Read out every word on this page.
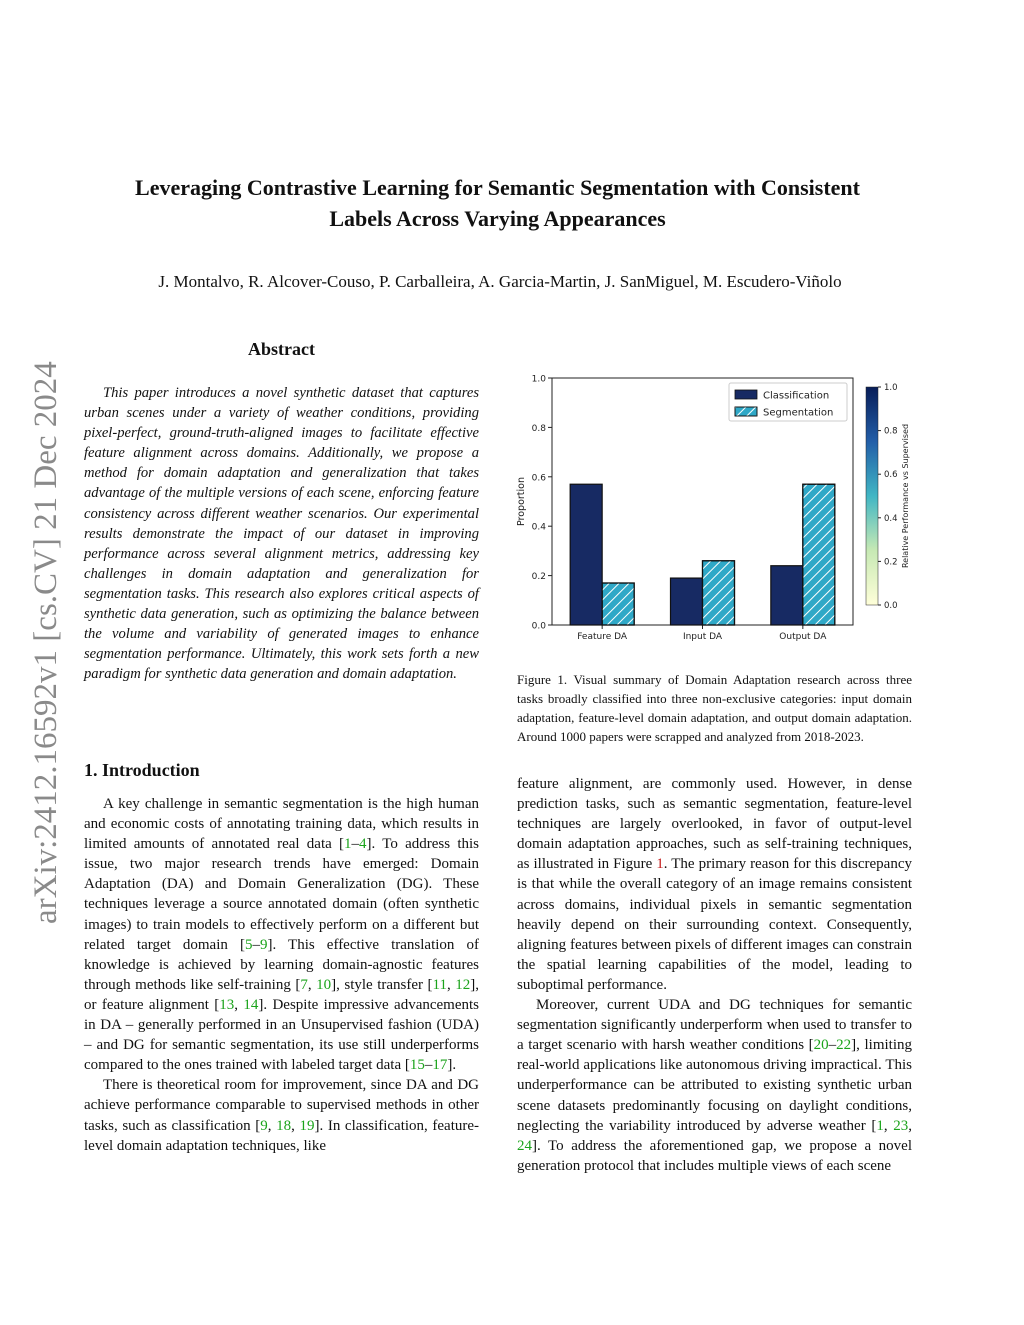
arXiv:2412.16592v1 [cs.CV] 21 Dec 2024
Leveraging Contrastive Learning for Semantic Segmentation with Consistent
Labels Across Varying Appearances
J. Montalvo, R. Alcover-Couso, P. Carballeira, A. Garcia-Martin, J. SanMiguel, M. Escudero-Viñolo
Abstract

This paper introduces a novel synthetic dataset that captures urban scenes under a variety of weather conditions, providing pixel-perfect, ground-truth-aligned images to facilitate effective feature alignment across domains. Additionally, we propose a method for domain adaptation and generalization that takes advantage of the multiple versions of each scene, enforcing feature consistency across different weather scenarios. Our experimental results demonstrate the impact of our dataset in improving performance across several alignment metrics, addressing key challenges in domain adaptation and generalization for segmentation tasks. This research also explores critical aspects of synthetic data generation, such as optimizing the balance between the volume and variability of generated images to enhance segmentation performance. Ultimately, this work sets forth a new paradigm for synthetic data generation and domain adaptation.

1. Introduction

A key challenge in semantic segmentation is the high human and economic costs of annotating training data, which results in limited amounts of annotated real data [1–4]. To address this issue, two major research trends have emerged: Domain Adaptation (DA) and Domain Generalization (DG). These techniques leverage a source annotated domain (often synthetic images) to train models to effectively perform on a different but related target domain [5–9]. This effective translation of knowledge is achieved by learning domain-agnostic features through methods like self-training [7, 10], style transfer [11, 12], or feature alignment [13, 14]. Despite impressive advancements in DA – generally performed in an Unsupervised fashion (UDA) – and DG for semantic segmentation, its use still underperforms compared to the ones trained with labeled target data [15–17].

There is theoretical room for improvement, since DA and DG achieve performance comparable to supervised methods in other tasks, such as classification [9, 18, 19]. In classification, feature-level domain adaptation techniques, like

0.0
0.2
0.4
0.6
0.8
1.0
Proportion
Feature DA	Input DA	Output DA
Classification
Segmentation
0.0
0.2
0.4
0.6
0.8
1.0
Relative Performance vs Supervised
Figure 1. Visual summary of Domain Adaptation research across three tasks broadly classified into three non-exclusive categories: input domain adaptation, feature-level domain adaptation, and output domain adaptation. Around 1000 papers were scrapped and analyzed from 2018-2023.

feature alignment, are commonly used. However, in dense prediction tasks, such as semantic segmentation, feature-level techniques are largely overlooked, in favor of output-level domain adaptation approaches, such as self-training techniques, as illustrated in Figure 1. The primary reason for this discrepancy is that while the overall category of an image remains consistent across domains, individual pixels in semantic segmentation heavily depend on their surrounding context. Consequently, aligning features between pixels of different images can constrain the spatial learning capabilities of the model, leading to suboptimal performance.

Moreover, current UDA and DG techniques for semantic segmentation significantly underperform when used to transfer to a target scenario with harsh weather conditions [20–22], limiting real-world applications like autonomous driving impractical. This underperformance can be attributed to existing synthetic urban scene datasets predominantly focusing on daylight conditions, neglecting the variability introduced by adverse weather [1, 23, 24]. To address the aforementioned gap, we propose a novel generation protocol that includes multiple views of each scene
